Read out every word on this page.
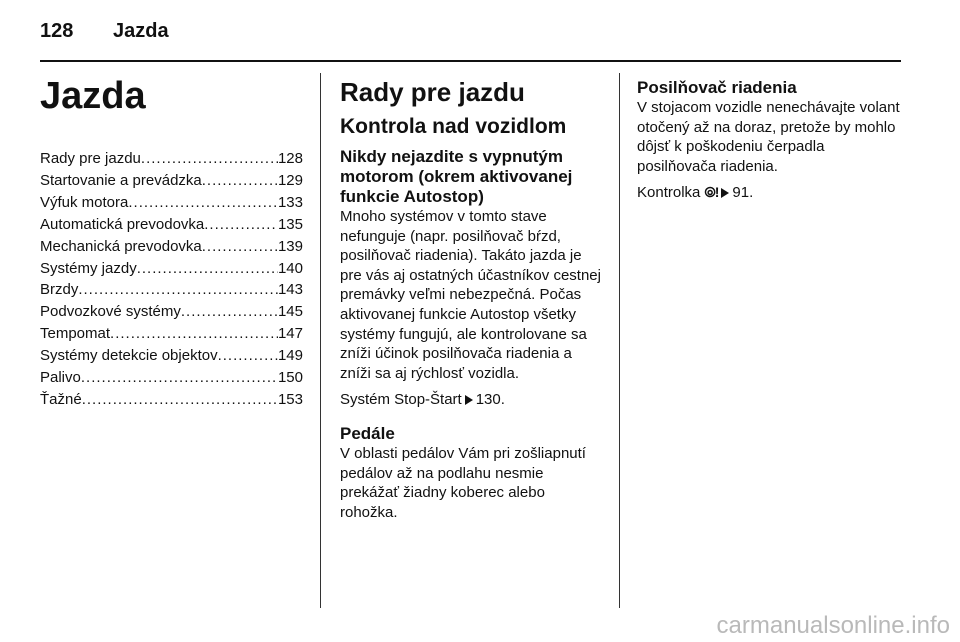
128 Jazda
Jazda
Rady pre jazdu .....	128
Startovanie a prevádzka .....	129
Výfuk motora .....	133
Automatická prevodovka .....	135
Mechanická prevodovka .....	139
Systémy jazdy .....	140
Brzdy .....	143
Podvozkové systémy .....	145
Tempomat .....	147
Systémy detekcie objektov .....	149
Palivo .....	150
Ťažné .....	153
Rady pre jazdu
Kontrola nad vozidlom
Nikdy nejazdite s vypnutým motorom (okrem aktivovanej funkcie Autostop)

Mnoho systémov v tomto stave nefunguje (napr. posilňovač bŕzd, posilňovač riadenia). Takáto jazda je pre vás aj ostatných účastníkov cestnej premávky veľmi nebezpečná. Počas aktivovanej funkcie Autostop všetky systémy fungujú, ale kontrolovane sa zníži účinok posilňovača riadenia a zníži sa aj rýchlosť vozidla.

Systém Stop-Štart 130.

Pedále

V oblasti pedálov Vám pri zošliapnutí pedálov až na podlahu nesmie prekážať žiadny koberec alebo rohožka.

Posilňovač riadenia

V stojacom vozidle nenechávajte volant otočený až na doraz, pretože by mohlo dôjsť k poškodeniu čerpadla posilňovača riadenia.

Kontrolka ⦾! 91.

carmanualsonline.info
